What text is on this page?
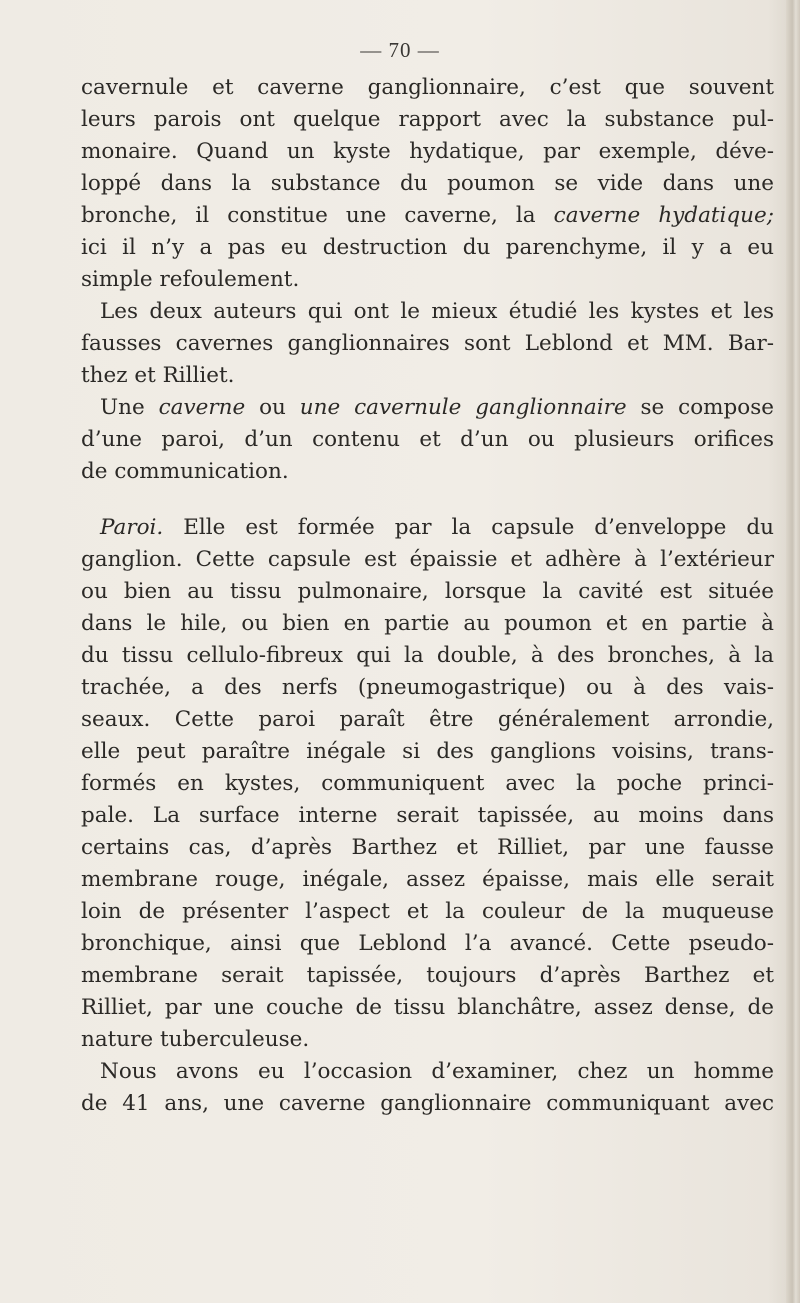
— 70 —
cavernule et caverne ganglionnaire, c’est que souvent
leurs parois ont quelque rapport avec la substance pul-
monaire. Quand un kyste hydatique, par exemple, déve-
loppé dans la substance du poumon se vide dans une
bronche, il constitue une caverne, la caverne hydatique;
ici il n’y a pas eu destruction du parenchyme, il y a eu
simple refoulement.
Les deux auteurs qui ont le mieux étudié les kystes et les
fausses cavernes ganglionnaires sont Leblond et MM. Bar-
thez et Rilliet.
Une caverne ou une cavernule ganglionnaire se compose
d’une paroi, d’un contenu et d’un ou plusieurs orifices
de communication.
Paroi. Elle est formée par la capsule d’enveloppe du
ganglion. Cette capsule est épaissie et adhère à l’extérieur
ou bien au tissu pulmonaire, lorsque la cavité est située
dans le hile, ou bien en partie au poumon et en partie à
du tissu cellulo-fibreux qui la double, à des bronches, à la
trachée, a des nerfs (pneumogastrique) ou à des vais-
seaux. Cette paroi paraît être généralement arrondie,
elle peut paraître inégale si des ganglions voisins, trans-
formés en kystes, communiquent avec la poche princi-
pale. La surface interne serait tapissée, au moins dans
certains cas, d’après Barthez et Rilliet, par une fausse
membrane rouge, inégale, assez épaisse, mais elle serait
loin de présenter l’aspect et la couleur de la muqueuse
bronchique, ainsi que Leblond l’a avancé. Cette pseudo-
membrane serait tapissée, toujours d’après Barthez et
Rilliet, par une couche de tissu blanchâtre, assez dense, de
nature tuberculeuse.
Nous avons eu l’occasion d’examiner, chez un homme
de 41 ans, une caverne ganglionnaire communiquant avec
